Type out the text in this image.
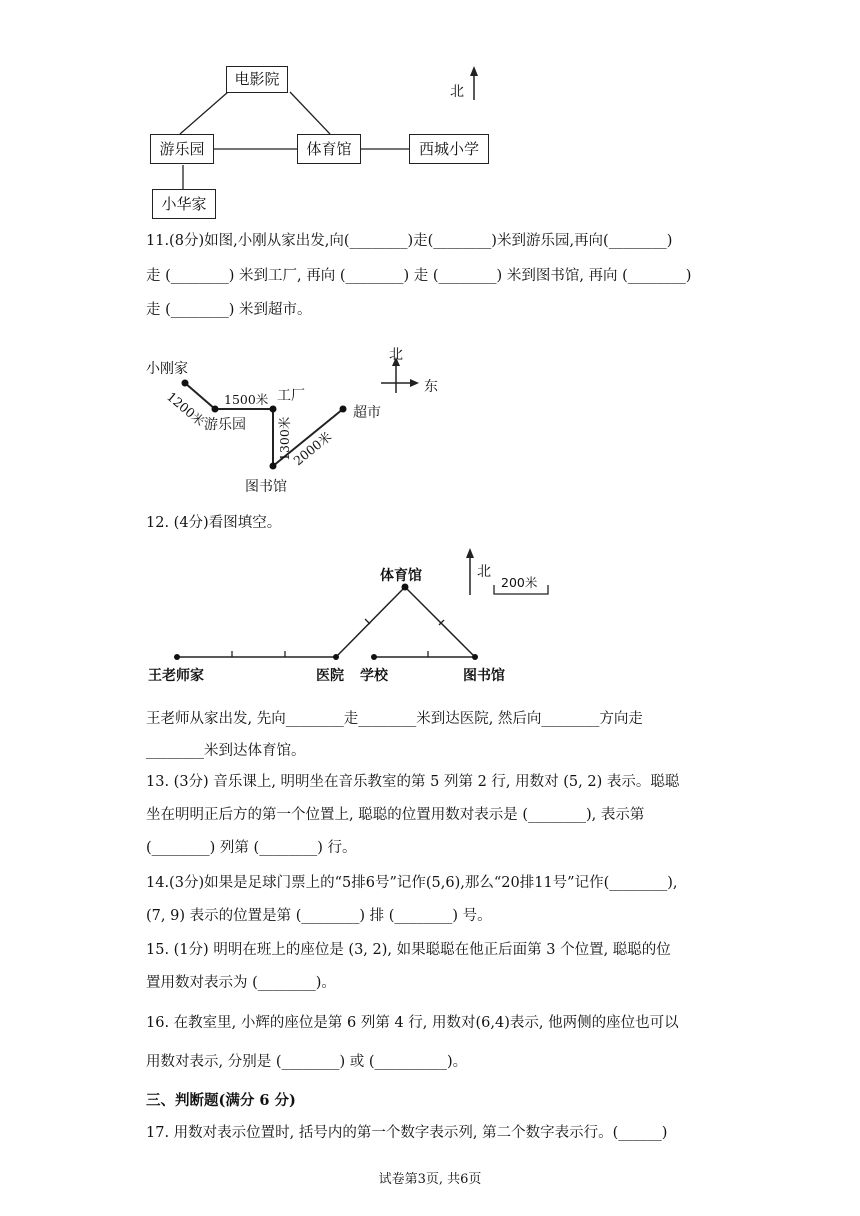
电影院
游乐园	体育馆	西城小学
小华家
北
11.(8分)如图,小刚从家出发,向(________)走(________)米到游乐园,再向(________)
走 (________) 米到工厂, 再向 (________) 走 (________) 米到图书馆, 再向 (________)
走 (________) 米到超市。
1200米
1300米
2000米
小刚家
1500米
游乐园
工厂
超市
图书馆
北
东
12. (4分)看图填空。
体育馆	北
200米
王老师家	医院 学校	图书馆
王老师从家出发, 先向________走________米到达医院, 然后向________方向走
________米到达体育馆。
13. (3分) 音乐课上, 明明坐在音乐教室的第 5 列第 2 行, 用数对 (5, 2) 表示。聪聪
坐在明明正后方的第一个位置上, 聪聪的位置用数对表示是 (________), 表示第
(________) 列第 (________) 行。
14.(3分)如果是足球门票上的“5排6号”记作(5,6),那么“20排11号”记作(________),
(7, 9) 表示的位置是第 (________) 排 (________) 号。
15. (1分) 明明在班上的座位是 (3, 2), 如果聪聪在他正后面第 3 个位置, 聪聪的位
置用数对表示为 (________)。
16. 在教室里, 小辉的座位是第 6 列第 4 行, 用数对(6,4)表示, 他两侧的座位也可以
用数对表示, 分别是 (________) 或 (__________)。
三、判断题(满分 6 分)
17. 用数对表示位置时, 括号内的第一个数字表示列, 第二个数字表示行。(______)
试卷第3页, 共6页
